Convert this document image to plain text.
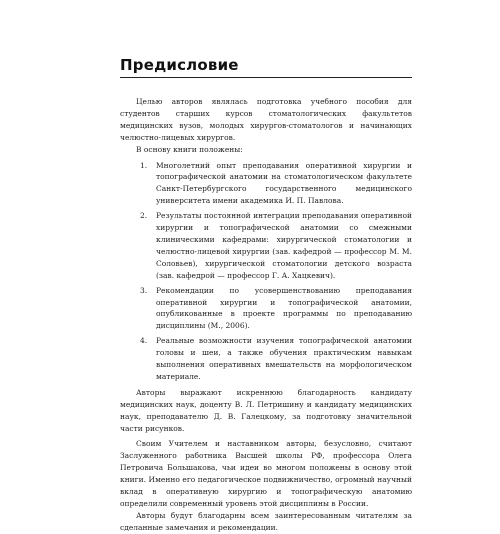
Предисловие

Целью авторов являлась подготовка учебного пособия для студентов старших курсов стоматологических факультетов медицинских вузов, молодых хирургов-стоматологов и начинающих челюстно-лицевых хирургов.

В основу книги положены:

1. Многолетний опыт преподавания оперативной хирургии и топографической анатомии на стоматологическом факультете Санкт-Петербургского государственного медицинского университета имени академика И. П. Павлова.
2. Результаты постоянной интеграции преподавания оперативной хирургии и топографической анатомии со смежными клиническими кафедрами: хирургической стоматологии и челюстно-лицевой хирургии (зав. кафедрой — профессор М. М. Соловьев), хирургической стоматологии детского возраста (зав. кафедрой — профессор Г. А. Хацкевич).
3. Рекомендации по усовершенствованию преподавания оперативной хирургии и топографической анатомии, опубликованные в проекте программы по преподаванию дисциплины (М., 2006).
4. Реальные возможности изучения топографической анатомии головы и шеи, а также обучения практическим навыкам выполнения оперативных вмешательств на морфологическом материале.

Авторы выражают искреннюю благодарность кандидату медицинских наук, доценту В. Л. Петришину и кандидату медицинских наук, преподавателю Д. В. Галецкому, за подготовку значительной части рисунков.

Своим Учителем и наставником авторы, безусловно, считают Заслуженного работника Высшей школы РФ, профессора Олега Петровича Большакова, чьи идеи во многом положены в основу этой книги. Именно его педагогическое подвижничество, огромный научный вклад в оперативную хирургию и топографическую анатомию определили современный уровень этой дисциплины в России.

Авторы будут благодарны всем заинтересованным читателям за сделанные замечания и рекомендации.
